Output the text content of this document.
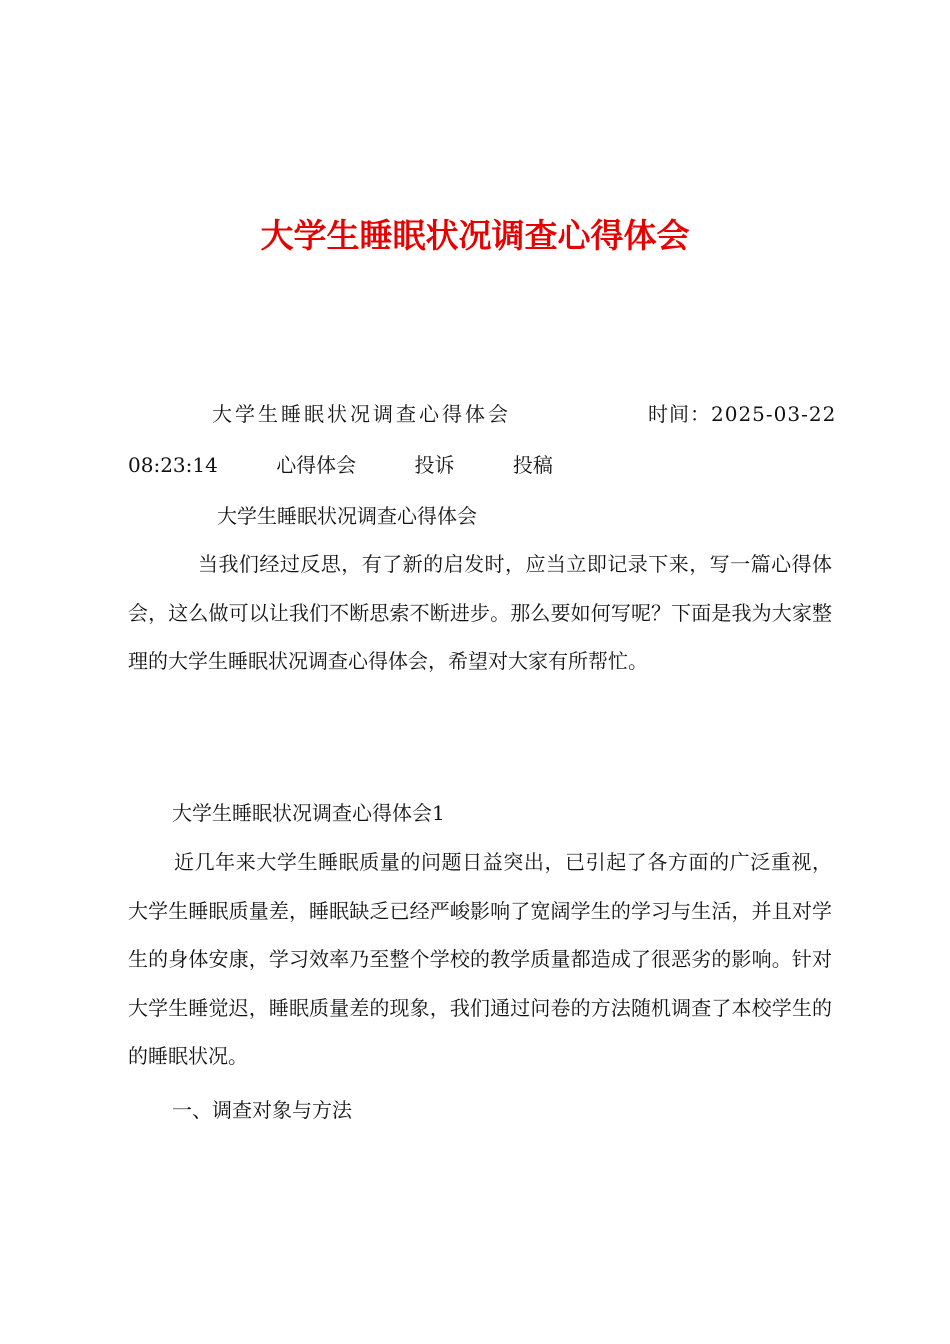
大学生睡眠状况调查心得体会
大学生睡眠状况调查心得体会	时间：2025-03-22
08:23:14	心得体会	投诉	投稿
大学生睡眠状况调查心得体会
当我们经过反思，有了新的启发时，应当立即记录下来，写一篇心得体会，这么做可以让我们不断思索不断进步。那么要如何写呢？下面是我为大家整理的大学生睡眠状况调查心得体会，希望对大家有所帮忙。
大学生睡眠状况调查心得体会1
近几年来大学生睡眠质量的问题日益突出，已引起了各方面的广泛重视，大学生睡眠质量差，睡眠缺乏已经严峻影响了宽阔学生的学习与生活，并且对学生的身体安康，学习效率乃至整个学校的教学质量都造成了很恶劣的影响。针对大学生睡觉迟，睡眠质量差的现象，我们通过问卷的方法随机调查了本校学生的的睡眠状况。
一、调查对象与方法
